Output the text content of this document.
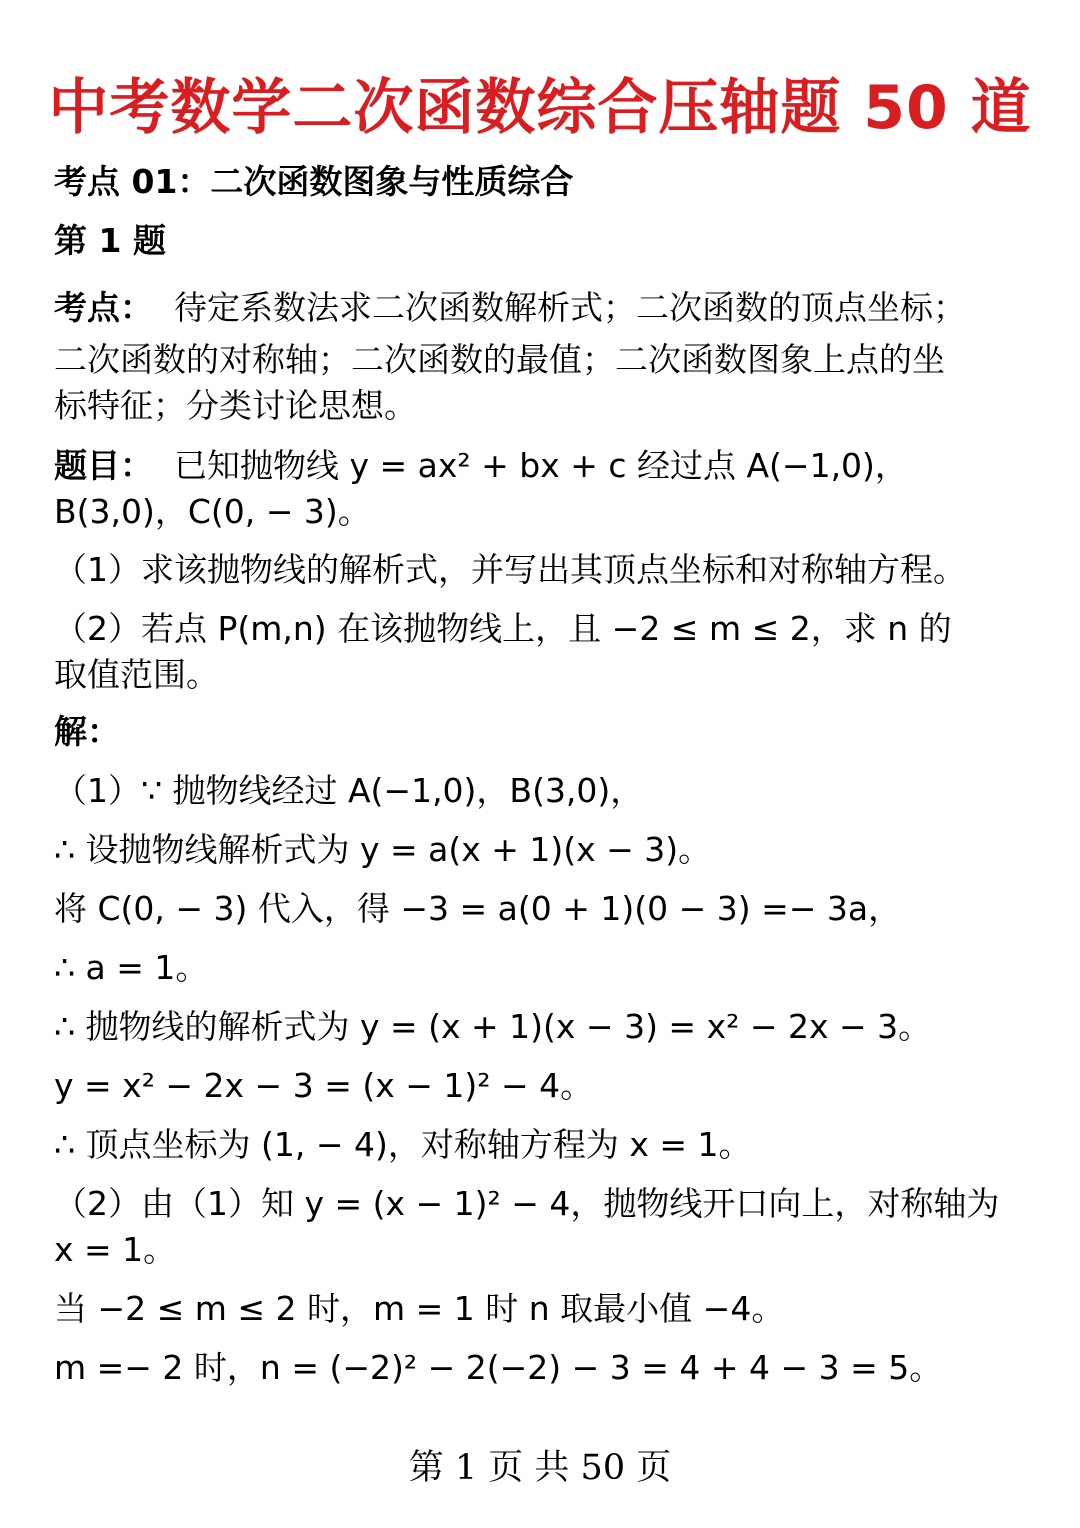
中考数学二次函数综合压轴题 50 道
考点 01：二次函数图象与性质综合
第 1 题
考点： 待定系数法求二次函数解析式；二次函数的顶点坐标；
二次函数的对称轴；二次函数的最值；二次函数图象上点的坐
标特征；分类讨论思想。
题目： 已知抛物线 y = ax² + bx + c 经过点 A(−1,0)，
B(3,0)，C(0, − 3)。
（1）求该抛物线的解析式，并写出其顶点坐标和对称轴方程。
（2）若点 P(m,n) 在该抛物线上，且 −2 ≤ m ≤ 2，求 n 的
取值范围。
解：
（1）∵ 抛物线经过 A(−1,0)，B(3,0)，
∴ 设抛物线解析式为 y = a(x + 1)(x − 3)。
将 C(0, − 3) 代入，得 −3 = a(0 + 1)(0 − 3) =− 3a，
∴ a = 1。
∴ 抛物线的解析式为 y = (x + 1)(x − 3) = x² − 2x − 3。
y = x² − 2x − 3 = (x − 1)² − 4。
∴ 顶点坐标为 (1, − 4)，对称轴方程为 x = 1。
（2）由（1）知 y = (x − 1)² − 4，抛物线开口向上，对称轴为
x = 1。
当 −2 ≤ m ≤ 2 时，m = 1 时 n 取最小值 −4。
m =− 2 时，n = (−2)² − 2(−2) − 3 = 4 + 4 − 3 = 5。
第 1 页 共 50 页
